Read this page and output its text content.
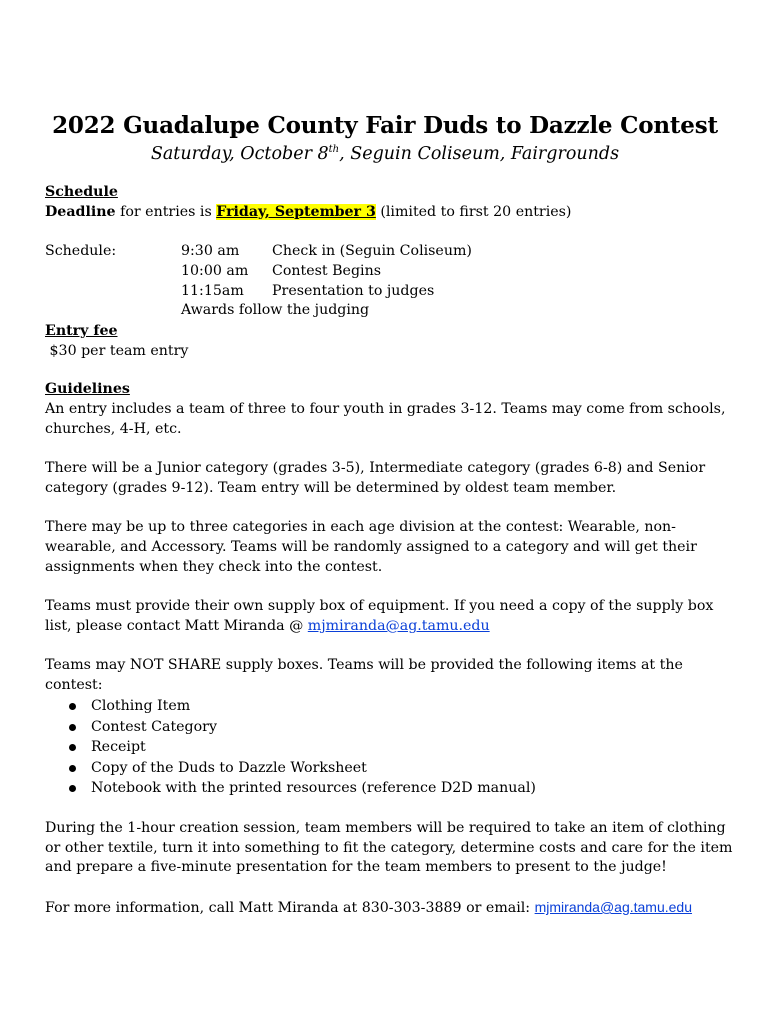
2022 Guadalupe County Fair Duds to Dazzle Contest
Saturday, October 8th, Seguin Coliseum, Fairgrounds
Schedule
Deadline for entries is Friday, September 3 (limited to first 20 entries)
Schedule:	9:30 am Check in (Seguin Coliseum)
10:00 am Contest Begins
11:15am Presentation to judges
Awards follow the judging
Entry fee
$30 per team entry
Guidelines
An entry includes a team of three to four youth in grades 3-12. Teams may come from schools,
churches, 4-H, etc.
There will be a Junior category (grades 3-5), Intermediate category (grades 6-8) and Senior
category (grades 9-12). Team entry will be determined by oldest team member.
There may be up to three categories in each age division at the contest: Wearable, non-
wearable, and Accessory. Teams will be randomly assigned to a category and will get their
assignments when they check into the contest.
Teams must provide their own supply box of equipment. If you need a copy of the supply box
list, please contact Matt Miranda @ mjmiranda@ag.tamu.edu
Teams may NOT SHARE supply boxes. Teams will be provided the following items at the
contest:
Clothing Item
Contest Category
Receipt
Copy of the Duds to Dazzle Worksheet
Notebook with the printed resources (reference D2D manual)
During the 1-hour creation session, team members will be required to take an item of clothing
or other textile, turn it into something to fit the category, determine costs and care for the item
and prepare a five-minute presentation for the team members to present to the judge!
For more information, call Matt Miranda at 830-303-3889 or email: mjmiranda@ag.tamu.edu
